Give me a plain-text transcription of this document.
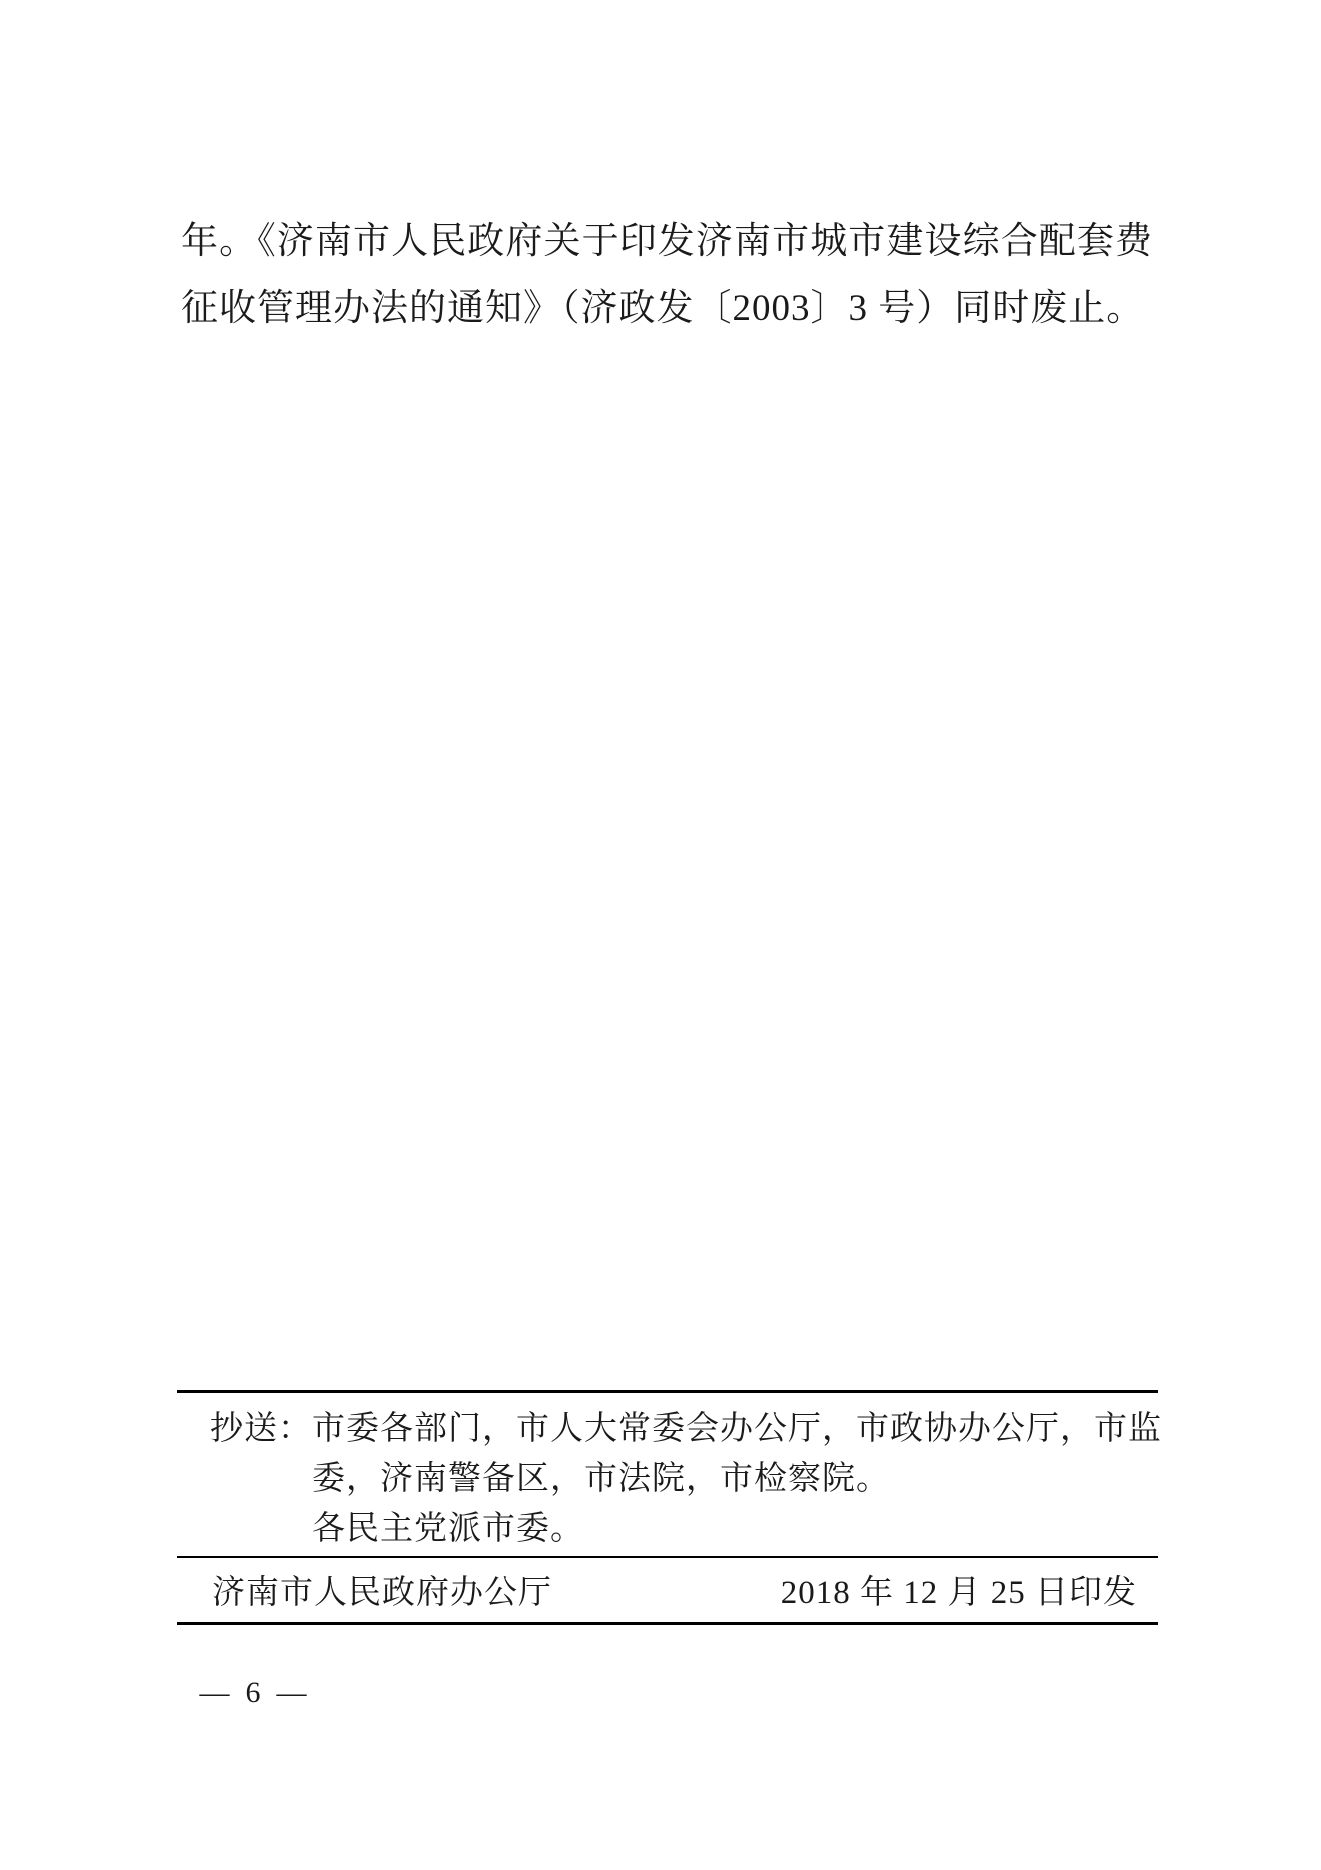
年。《济南市人民政府关于印发济南市城市建设综合配套费
征收管理办法的通知》（济政发〔2003〕3 号）同时废止。
抄送： 市委各部门，市人大常委会办公厅，市政协办公厅，市监
委，济南警备区，市法院，市检察院。
各民主党派市委。
济南市人民政府办公厅	2018 年 12 月 25 日印发
— 6 —
